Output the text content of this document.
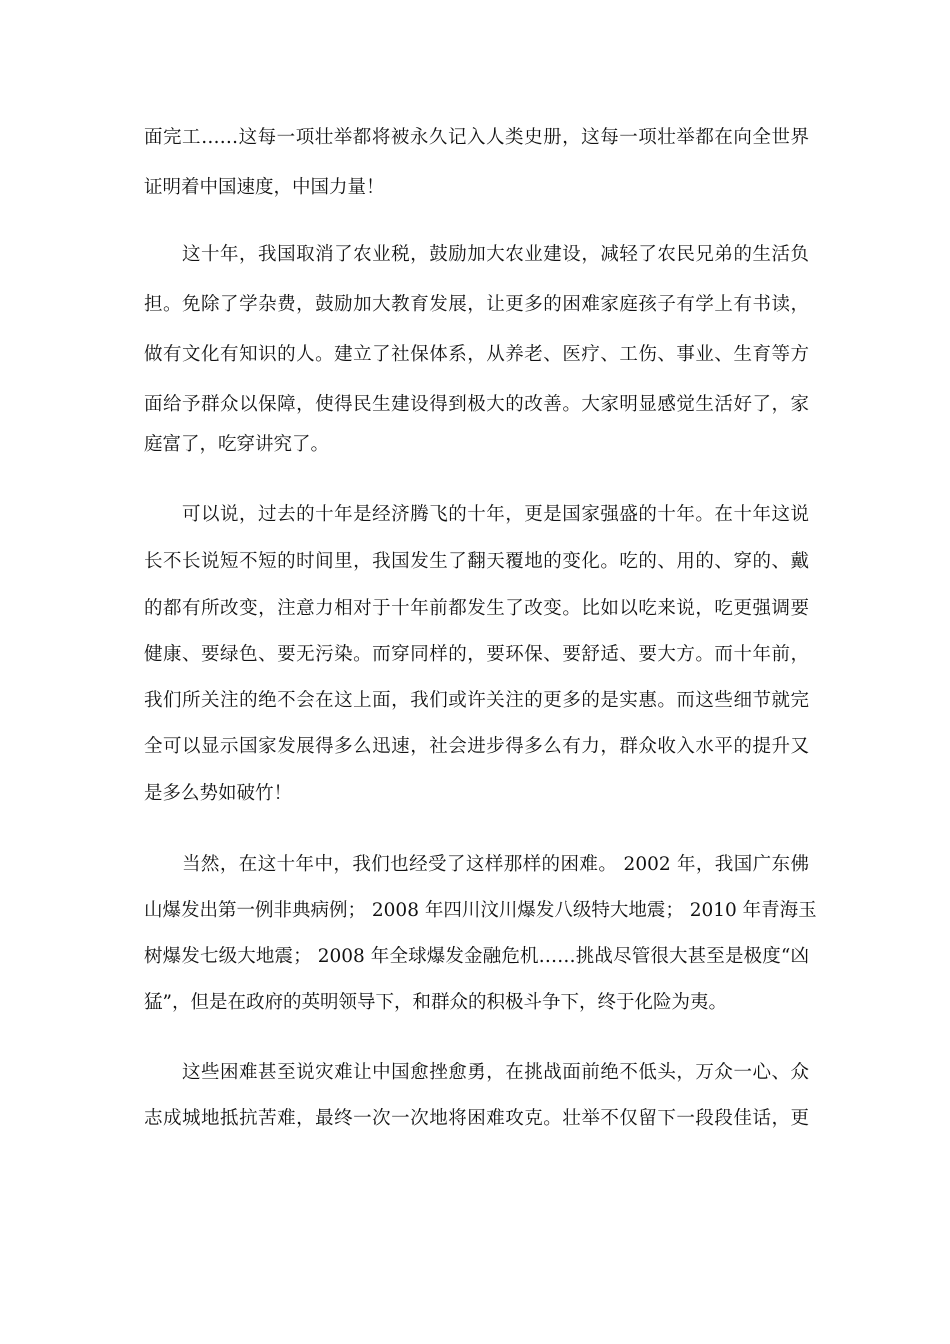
面完工……这每一项壮举都将被永久记入人类史册，这每一项壮举都在向全世界
证明着中国速度，中国力量！
这十年，我国取消了农业税，鼓励加大农业建设，减轻了农民兄弟的生活负
担。免除了学杂费，鼓励加大教育发展，让更多的困难家庭孩子有学上有书读，
做有文化有知识的人。建立了社保体系，从养老、医疗、工伤、事业、生育等方
面给予群众以保障，使得民生建设得到极大的改善。大家明显感觉生活好了，家
庭富了，吃穿讲究了。
可以说，过去的十年是经济腾飞的十年，更是国家强盛的十年。在十年这说
长不长说短不短的时间里，我国发生了翻天覆地的变化。吃的、用的、穿的、戴
的都有所改变，注意力相对于十年前都发生了改变。比如以吃来说，吃更强调要
健康、要绿色、要无污染。而穿同样的，要环保、要舒适、要大方。而十年前，
我们所关注的绝不会在这上面，我们或许关注的更多的是实惠。而这些细节就完
全可以显示国家发展得多么迅速，社会进步得多么有力，群众收入水平的提升又
是多么势如破竹！
当然，在这十年中，我们也经受了这样那样的困难。 2002 年，我国广东佛
山爆发出第一例非典病例； 2008 年四川汶川爆发八级特大地震； 2010 年青海玉
树爆发七级大地震； 2008 年全球爆发金融危机……挑战尽管很大甚至是极度“凶
猛”，但是在政府的英明领导下，和群众的积极斗争下，终于化险为夷。
这些困难甚至说灾难让中国愈挫愈勇，在挑战面前绝不低头，万众一心、众
志成城地抵抗苦难，最终一次一次地将困难攻克。壮举不仅留下一段段佳话，更
